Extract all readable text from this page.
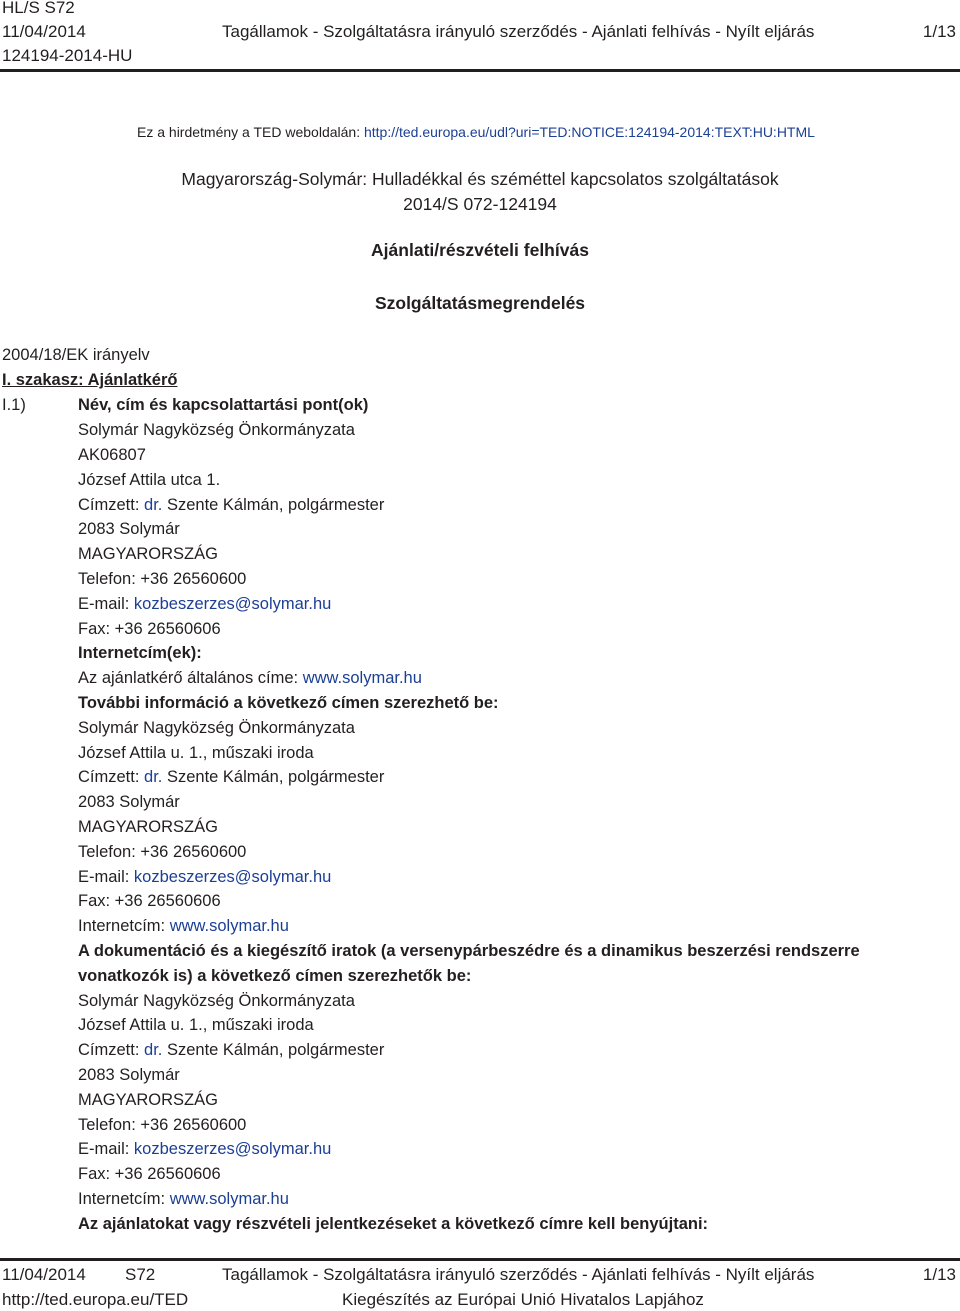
HL/S S72
11/04/2014
124194-2014-HU
Tagállamok - Szolgáltatásra irányuló szerződés - Ajánlati felhívás - Nyílt eljárás	1/13
Ez a hirdetmény a TED weboldalán: http://ted.europa.eu/udl?uri=TED:NOTICE:124194-2014:TEXT:HU:HTML
Magyarország-Solymár: Hulladékkal és széméttel kapcsolatos szolgáltatások
2014/S 072-124194
Ajánlati/részvételi felhívás
Szolgáltatásmegrendelés
2004/18/EK irányelv
I. szakasz: Ajánlatkérő
I.1)	Név, cím és kapcsolattartási pont(ok)
Solymár Nagyközség Önkormányzata
AK06807
József Attila utca 1.
Címzett: dr. Szente Kálmán, polgármester
2083 Solymár
MAGYARORSZÁG
Telefon: +36 26560600
E-mail: kozbeszerzes@solymar.hu
Fax: +36 26560606
Internetcím(ek):
Az ajánlatkérő általános címe: www.solymar.hu
További információ a következő címen szerezhető be:
Solymár Nagyközség Önkormányzata
József Attila u. 1., műszaki iroda
Címzett: dr. Szente Kálmán, polgármester
2083 Solymár
MAGYARORSZÁG
Telefon: +36 26560600
E-mail: kozbeszerzes@solymar.hu
Fax: +36 26560606
Internetcím: www.solymar.hu
A dokumentáció és a kiegészítő iratok (a versenypárbeszédre és a dinamikus beszerzési rendszerre
vonatkozók is) a következő címen szerezhetők be:
Solymár Nagyközség Önkormányzata
József Attila u. 1., műszaki iroda
Címzett: dr. Szente Kálmán, polgármester
2083 Solymár
MAGYARORSZÁG
Telefon: +36 26560600
E-mail: kozbeszerzes@solymar.hu
Fax: +36 26560606
Internetcím: www.solymar.hu
Az ajánlatokat vagy részvételi jelentkezéseket a következő címre kell benyújtani:
11/04/2014 S72	Tagállamok - Szolgáltatásra irányuló szerződés - Ajánlati felhívás - Nyílt eljárás	1/13
http://ted.europa.eu/TED	Kiegészítés az Európai Unió Hivatalos Lapjához
